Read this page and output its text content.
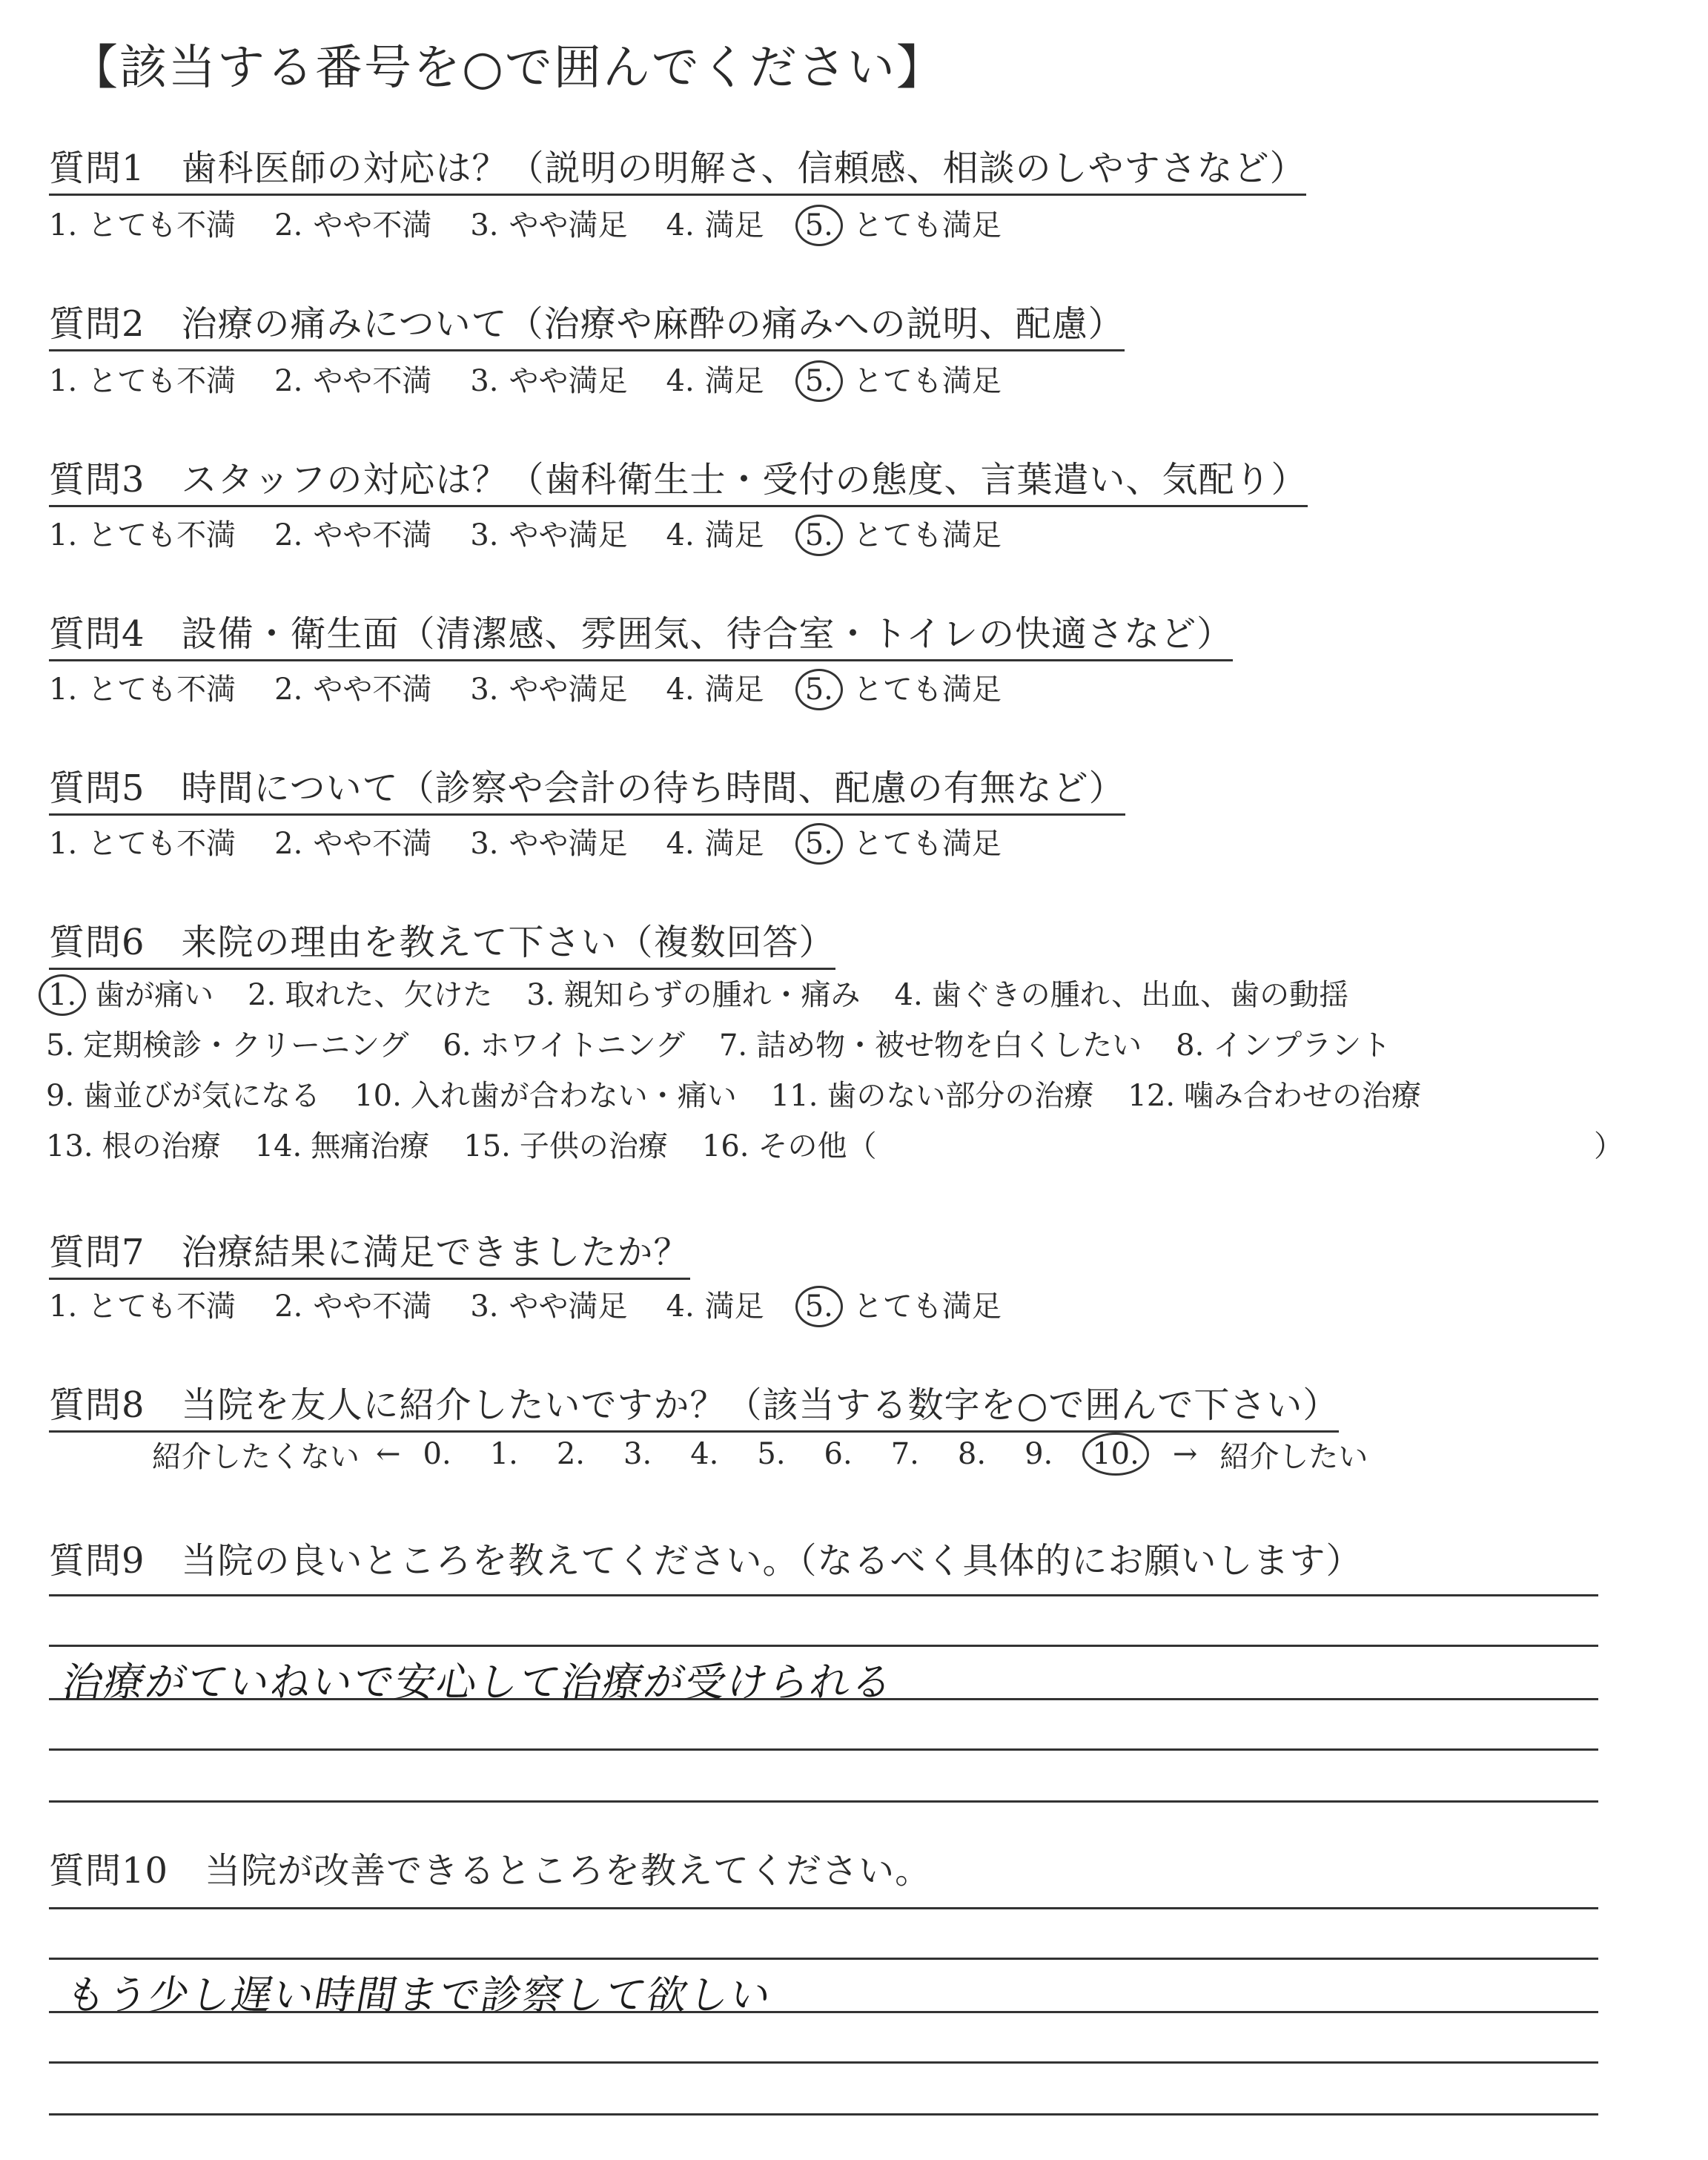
【該当する番号を○で囲んでください】
質問1　歯科医師の対応は？（説明の明解さ、信頼感、相談のしやすさなど）
1. とても不満 2. やや不満 3. やや満足 4. 満足 5. とても満足
質問2　治療の痛みについて（治療や麻酔の痛みへの説明、配慮）
1. とても不満 2. やや不満 3. やや満足 4. 満足 5. とても満足
質問3　スタッフの対応は？（歯科衛生士・受付の態度、言葉遣い、気配り）
1. とても不満 2. やや不満 3. やや満足 4. 満足 5. とても満足
質問4　設備・衛生面（清潔感、雰囲気、待合室・トイレの快適さなど）
1. とても不満 2. やや不満 3. やや満足 4. 満足 5. とても満足
質問5　時間について（診察や会計の待ち時間、配慮の有無など）
1. とても不満 2. やや不満 3. やや満足 4. 満足 5. とても満足
質問6　来院の理由を教えて下さい（複数回答）
1. 歯が痛い 2. 取れた、欠けた 3. 親知らずの腫れ・痛み 4. 歯ぐきの腫れ、出血、歯の動揺
5. 定期検診・クリーニング 6. ホワイトニング 7. 詰め物・被せ物を白くしたい 8. インプラント
9. 歯並びが気になる 10. 入れ歯が合わない・痛い 11. 歯のない部分の治療 12. 噛み合わせの治療
13. 根の治療 14. 無痛治療 15. 子供の治療 16. その他（	）
質問7　治療結果に満足できましたか？
1. とても不満 2. やや不満 3. やや満足 4. 満足 5. とても満足
質問8　当院を友人に紹介したいですか？（該当する数字を○で囲んで下さい）
紹介したくない ← 0. 1. 2. 3. 4. 5. 6. 7. 8. 9.	10.	→ 紹介したい
質問9　当院の良いところを教えてください。（なるべく具体的にお願いします）
治療がていねいで安心して治療が受けられる
質問10　当院が改善できるところを教えてください。
もう少し遅い時間まで診察して欲しい
